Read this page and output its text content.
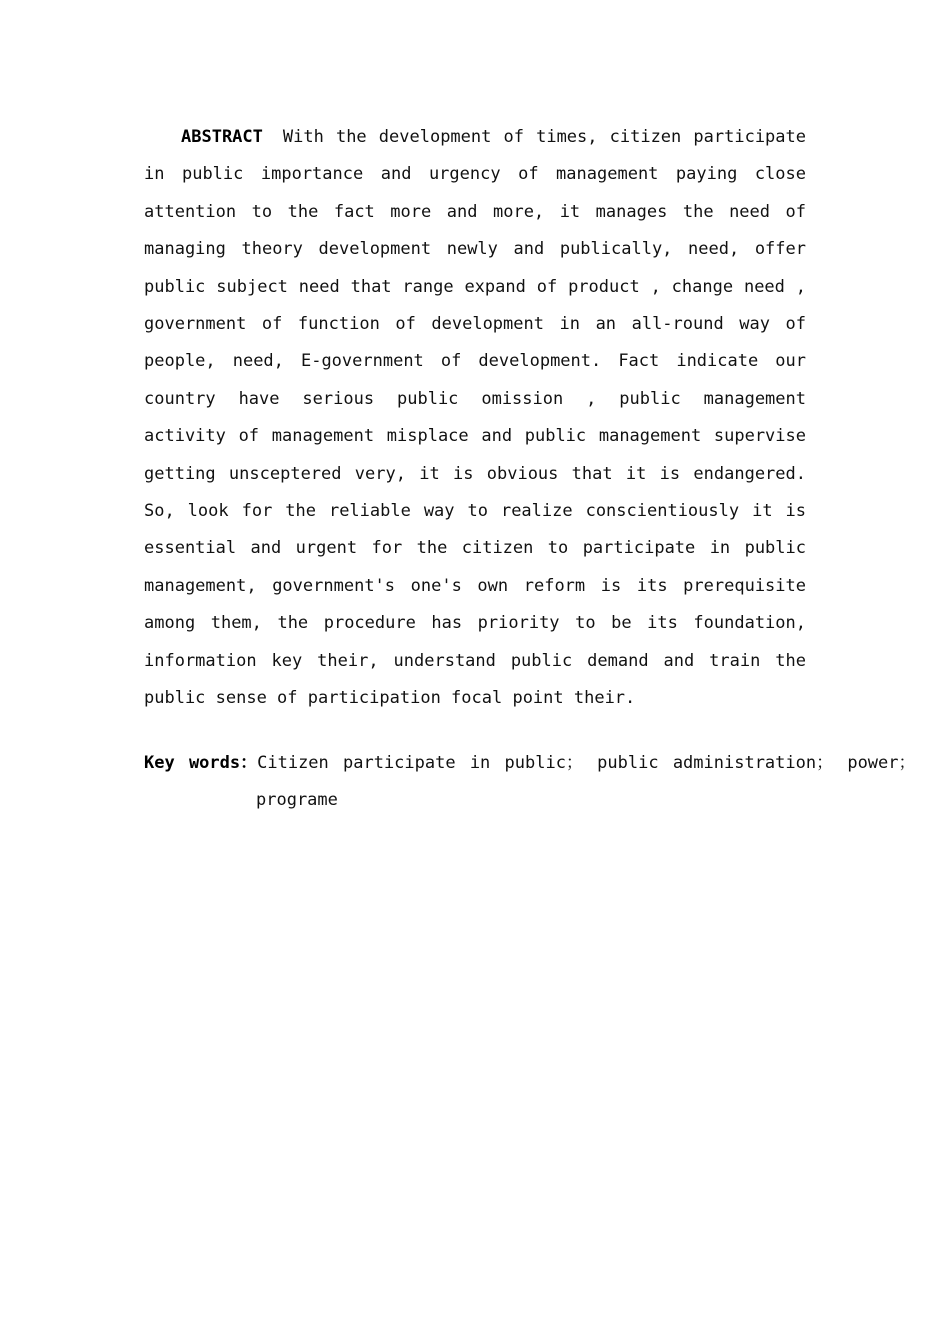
ABSTRACT With the development of times, citizen participate in public importance and urgency of management paying close attention to the fact more and more, it manages the need of managing theory development newly and publically, need, offer public subject need that range expand of product , change need , government of function of development in an all-round way of people, need, E-government of development. Fact indicate our country have serious public omission , public management activity of management misplace and public management supervise getting unsceptered very, it is obvious that it is endangered. So, look for the reliable way to realize conscientiously it is essential and urgent for the citizen to participate in public management, government's one's own reform is its prerequisite among them, the procedure has priority to be its foundation, information key their, understand public demand and train the public sense of participation focal point their.

Key words：Citizen participate in public； public administration； power； programe
